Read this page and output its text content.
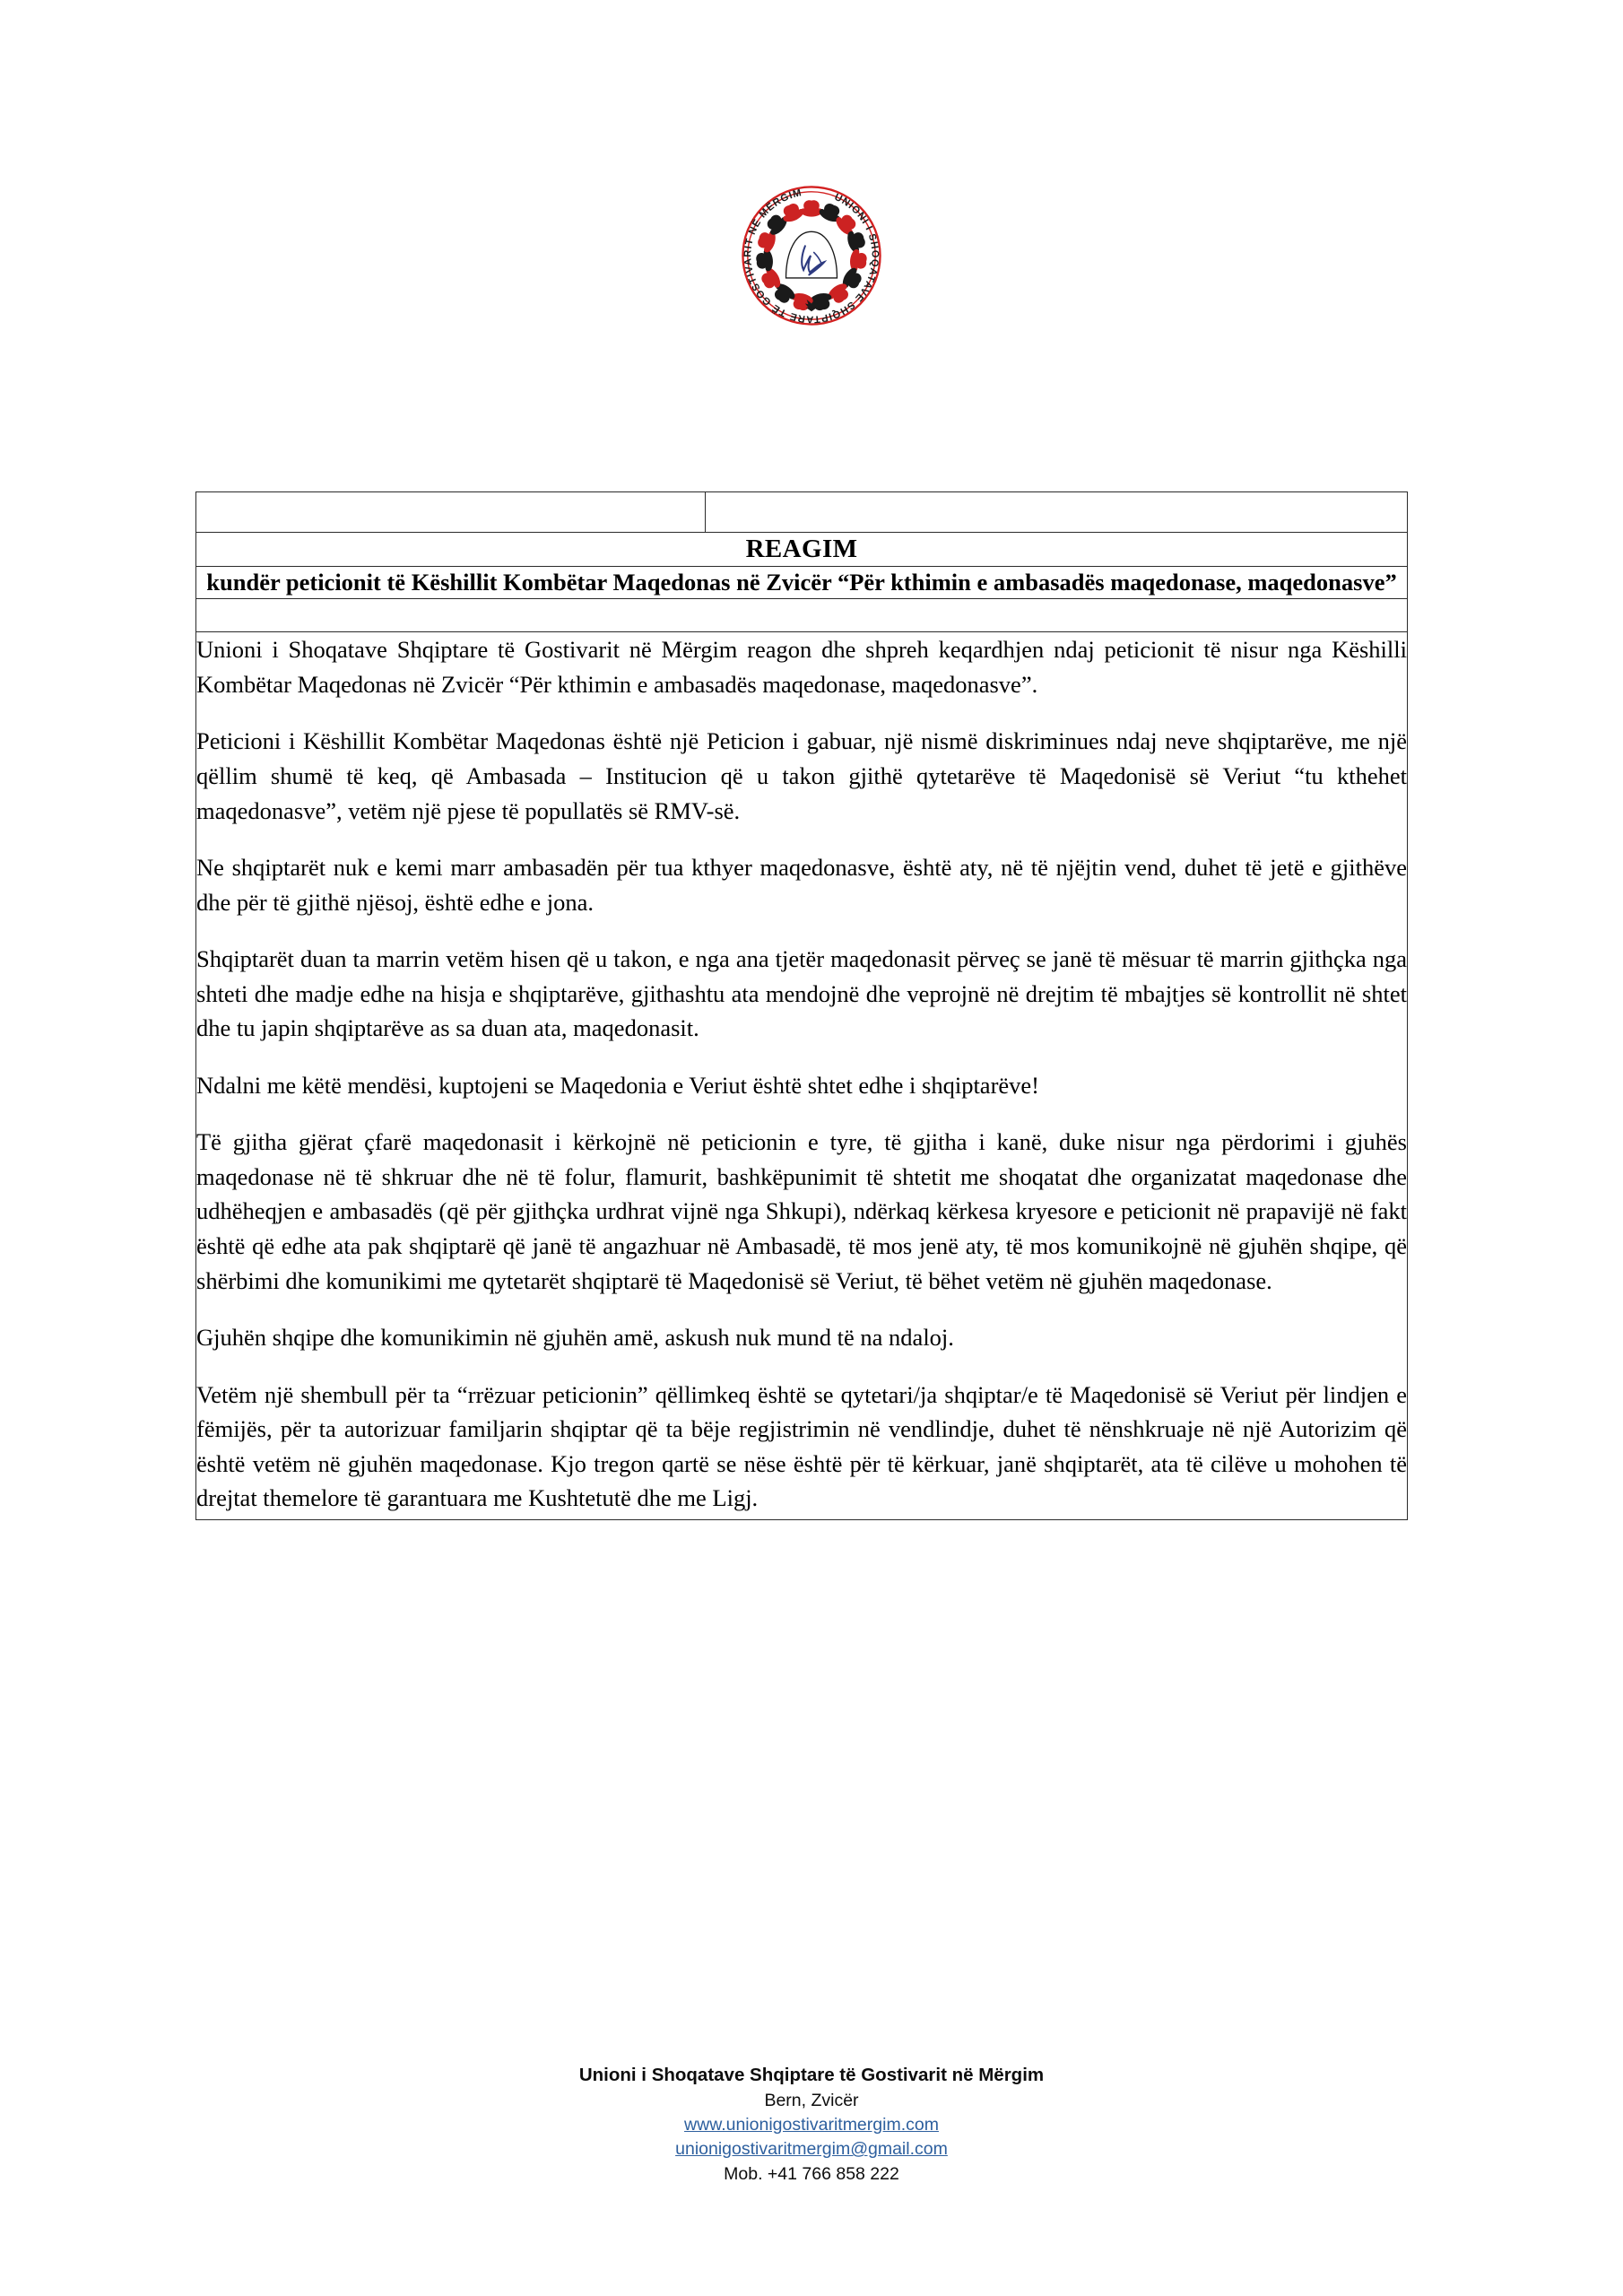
UNIONI I SHOQATAVE SHQIPTARE TË GOSTIVARIT NË MËRGIM

REAGIM
kundër peticionit të Këshillit Kombëtar Maqedonas në Zvicër “Për kthimin e ambasadës maqedonase, maqedonasve”

Unioni i Shoqatave Shqiptare të Gostivarit në Mërgim reagon dhe shpreh keqardhjen ndaj peticionit të nisur nga Këshilli Kombëtar Maqedonas në Zvicër “Për kthimin e ambasadës maqedonase, maqedonasve”.

Peticioni i Këshillit Kombëtar Maqedonas është një Peticion i gabuar, një nismë diskriminues ndaj neve shqiptarëve, me një qëllim shumë të keq, që Ambasada – Institucion që u takon gjithë qytetarëve të Maqedonisë së Veriut “tu kthehet maqedonasve”, vetëm një pjese të popullatës së RMV-së.

Ne shqiptarët nuk e kemi marr ambasadën për tua kthyer maqedonasve, është aty, në të njëjtin vend, duhet të jetë e gjithëve dhe për të gjithë njësoj, është edhe e jona.

Shqiptarët duan ta marrin vetëm hisen që u takon, e nga ana tjetër maqedonasit përveç se janë të mësuar të marrin gjithçka nga shteti dhe madje edhe na hisja e shqiptarëve, gjithashtu ata mendojnë dhe veprojnë në drejtim të mbajtjes së kontrollit në shtet dhe tu japin shqiptarëve as sa duan ata, maqedonasit.

Ndalni me këtë mendësi, kuptojeni se Maqedonia e Veriut është shtet edhe i shqiptarëve!

Të gjitha gjërat çfarë maqedonasit i kërkojnë në peticionin e tyre, të gjitha i kanë, duke nisur nga përdorimi i gjuhës maqedonase në të shkruar dhe në të folur, flamurit, bashkëpunimit të shtetit me shoqatat dhe organizatat maqedonase dhe udhëheqjen e ambasadës (që për gjithçka urdhrat vijnë nga Shkupi), ndërkaq kërkesa kryesore e peticionit në prapavijë në fakt është që edhe ata pak shqiptarë që janë të angazhuar në Ambasadë, të mos jenë aty, të mos komunikojnë në gjuhën shqipe, që shërbimi dhe komunikimi me qytetarët shqiptarë të Maqedonisë së Veriut, të bëhet vetëm në gjuhën maqedonase.

Gjuhën shqipe dhe komunikimin në gjuhën amë, askush nuk mund të na ndaloj.

Vetëm një shembull për ta “rrëzuar peticionin” qëllimkeq është se qytetari/ja shqiptar/e të Maqedonisë së Veriut për lindjen e fëmijës, për ta autorizuar familjarin shqiptar që ta bëje regjistrimin në vendlindje, duhet të nënshkruaje në një Autorizim që është vetëm në gjuhën maqedonase. Kjo tregon qartë se nëse është për të kërkuar, janë shqiptarët, ata të cilëve u mohohen të drejtat themelore të garantuara me Kushtetutë dhe me Ligj.

Unioni i Shoqatave Shqiptare të Gostivarit në Mërgim
Bern, Zvicër
www.unionigostivaritmergim.com
unionigostivaritmergim@gmail.com
Mob. +41 766 858 222
